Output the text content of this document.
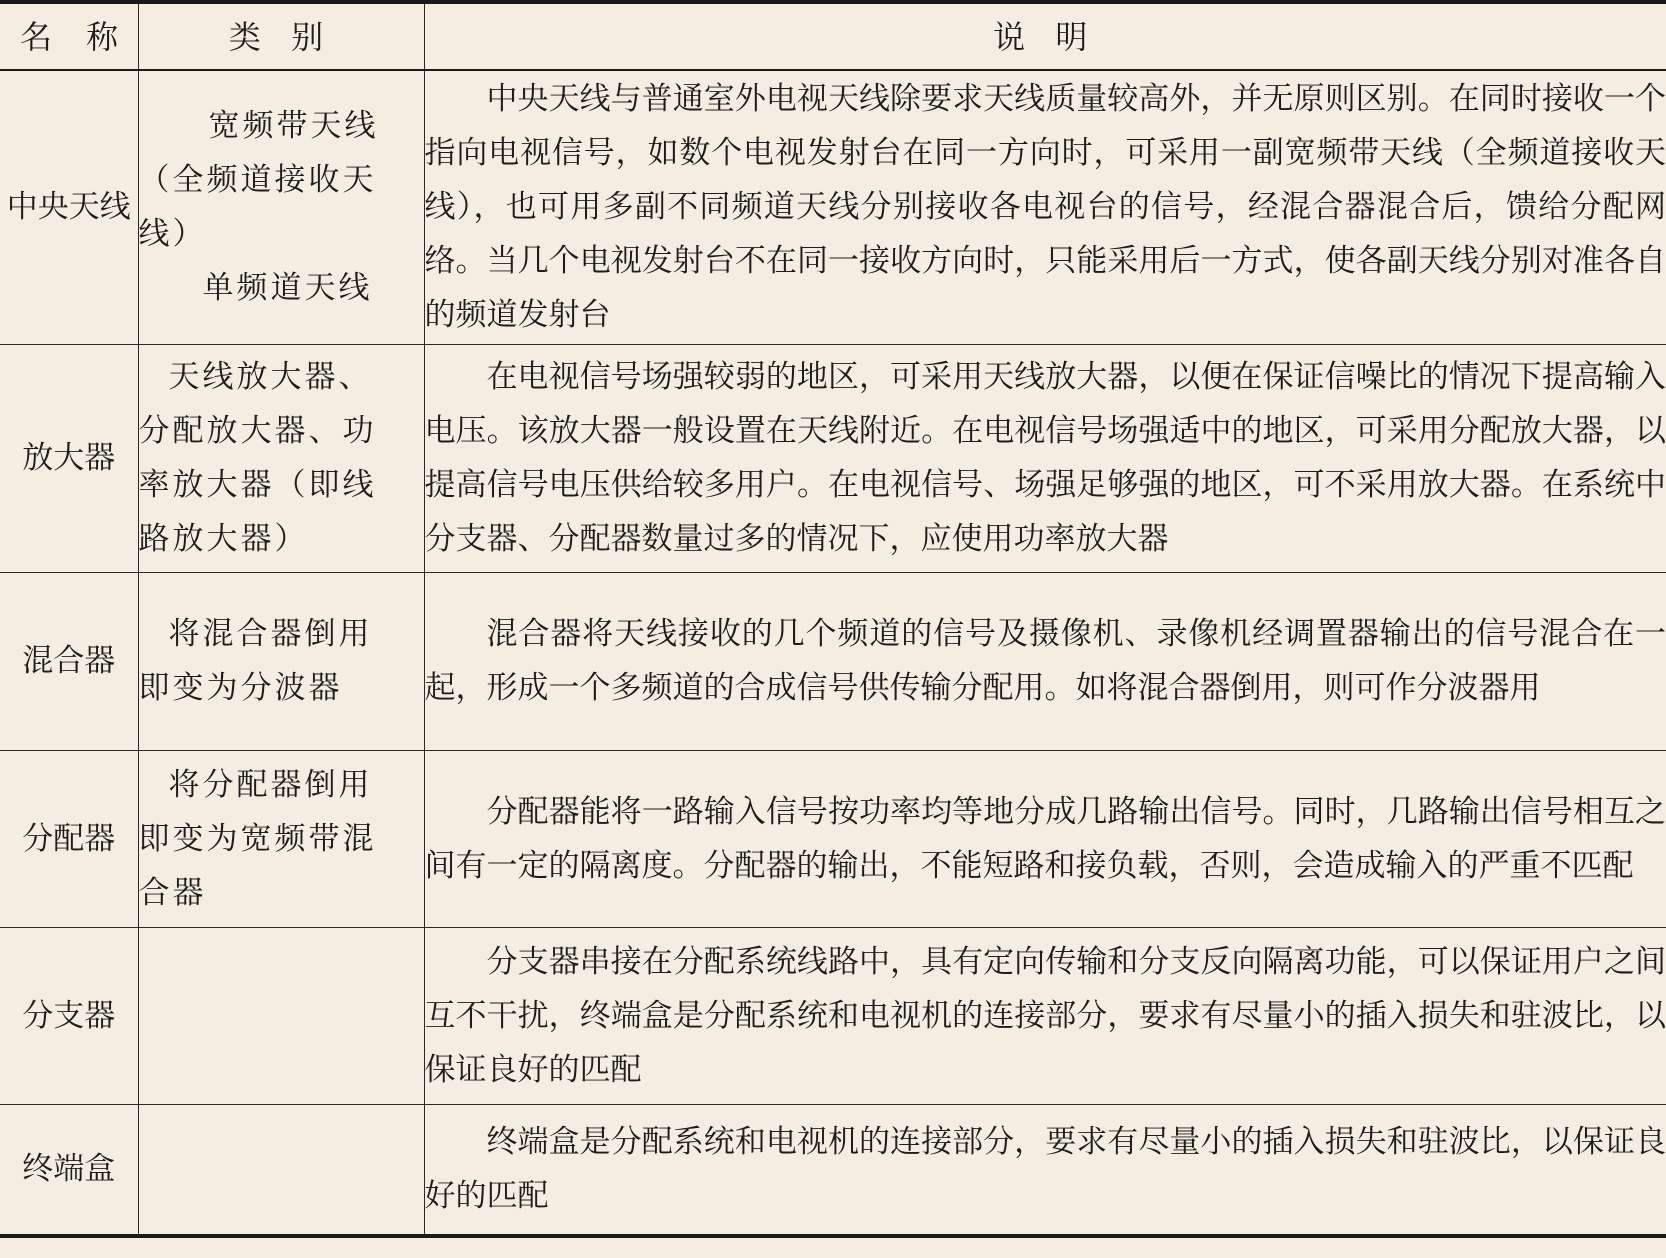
名 称	类 别	说 明

中央天线	宽频带天线
（全频道接收天
线）
单频道天线	中央天线与普通室外电视天线除要求天线质量较高外，并无原则区别。在同时接收一个指向电视信号，如数个电视发射台在同一方向时，可采用一副宽频带天线（全频道接收天线），也可用多副不同频道天线分别接收各电视台的信号，经混合器混合后，馈给分配网络。当几个电视发射台不在同一接收方向时，只能采用后一方式，使各副天线分别对准各自的频道发射台

放大器	天线放大器、
分配放大器、功
率放大器（即线
路放大器）	在电视信号场强较弱的地区，可采用天线放大器，以便在保证信噪比的情况下提高输入电压。该放大器一般设置在天线附近。在电视信号场强适中的地区，可采用分配放大器，以提高信号电压供给较多用户。在电视信号、场强足够强的地区，可不采用放大器。在系统中分支器、分配器数量过多的情况下，应使用功率放大器

混合器	将混合器倒用
即变为分波器	混合器将天线接收的几个频道的信号及摄像机、录像机经调置器输出的信号混合在一起，形成一个多频道的合成信号供传输分配用。如将混合器倒用，则可作分波器用

分配器	将分配器倒用
即变为宽频带混
合器	分配器能将一路输入信号按功率均等地分成几路输出信号。同时，几路输出信号相互之间有一定的隔离度。分配器的输出，不能短路和接负载，否则，会造成输入的严重不匹配

分支器		分支器串接在分配系统线路中，具有定向传输和分支反向隔离功能，可以保证用户之间互不干扰，终端盒是分配系统和电视机的连接部分，要求有尽量小的插入损失和驻波比，以保证良好的匹配

终端盒		终端盒是分配系统和电视机的连接部分，要求有尽量小的插入损失和驻波比，以保证良好的匹配
